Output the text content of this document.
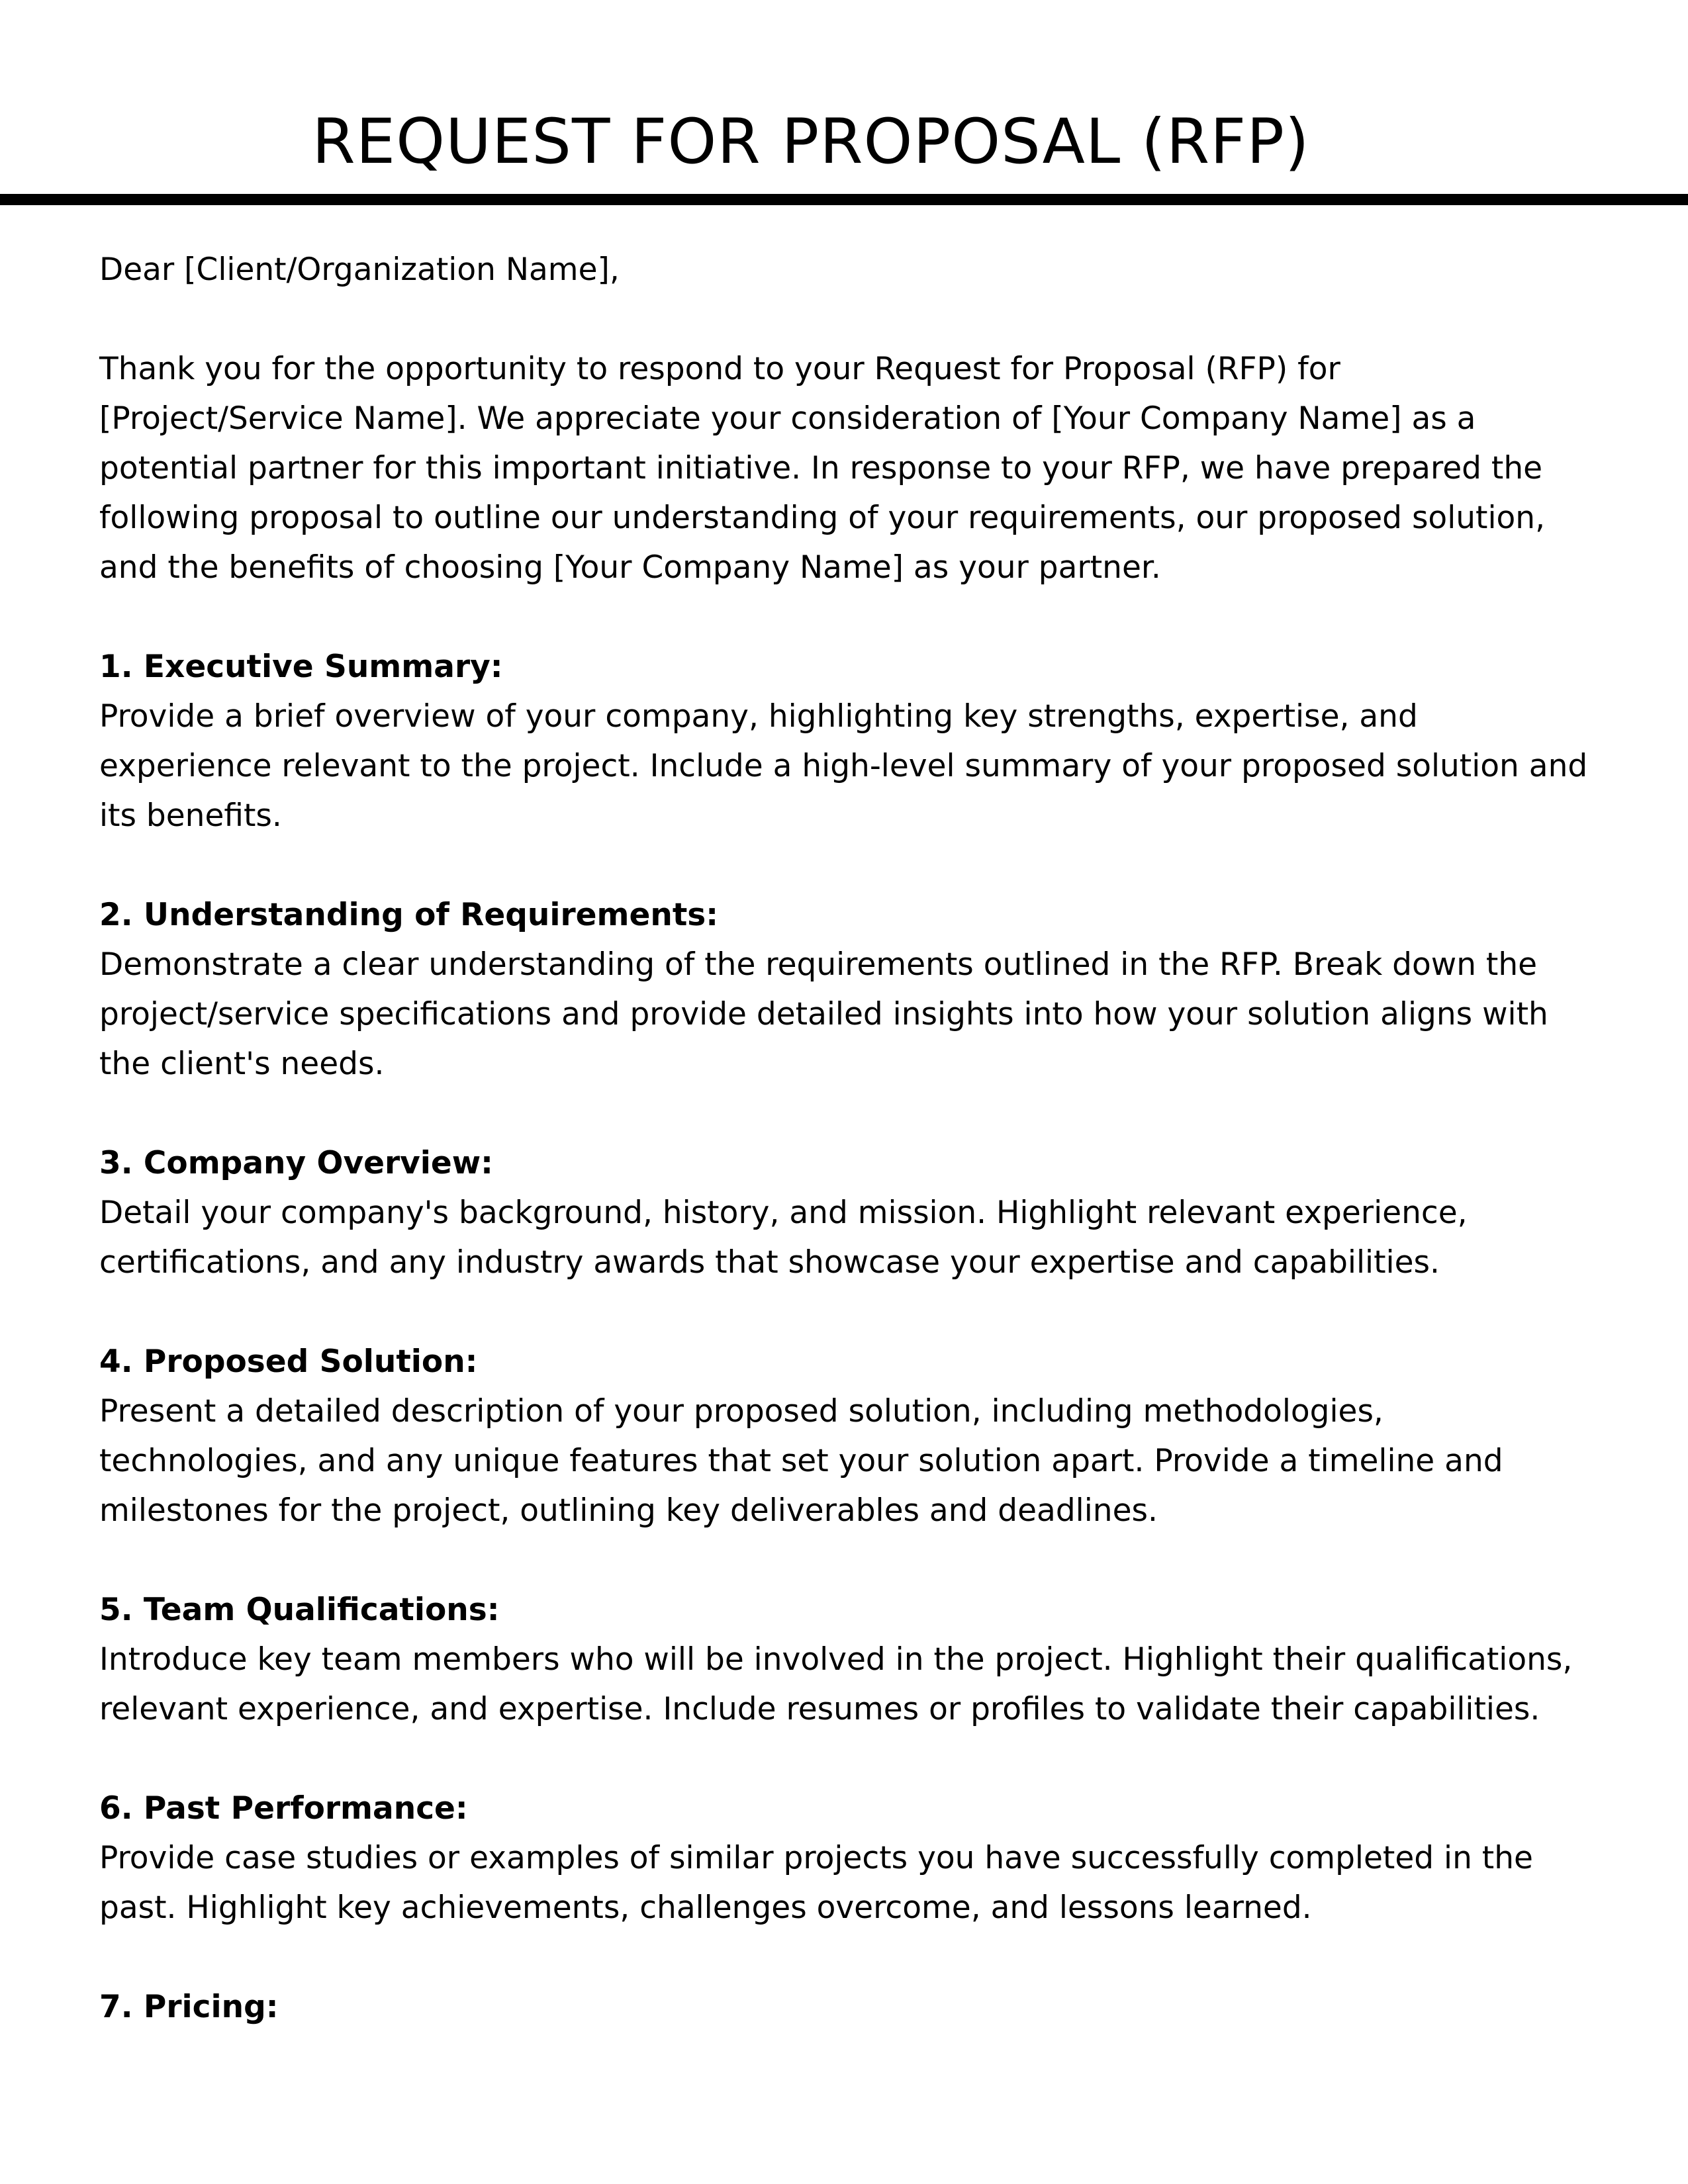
REQUEST FOR PROPOSAL (RFP)

Dear [Client/Organization Name],

Thank you for the opportunity to respond to your Request for Proposal (RFP) for [Project/Service Name]. We appreciate your consideration of [Your Company Name] as a potential partner for this important initiative. In response to your RFP, we have prepared the following proposal to outline our understanding of your requirements, our proposed solution, and the benefits of choosing [Your Company Name] as your partner.

1. Executive Summary:

Provide a brief overview of your company, highlighting key strengths, expertise, and experience relevant to the project. Include a high-level summary of your proposed solution and its benefits.

2. Understanding of Requirements:

Demonstrate a clear understanding of the requirements outlined in the RFP. Break down the project/service specifications and provide detailed insights into how your solution aligns with the client's needs.

3. Company Overview:

Detail your company's background, history, and mission. Highlight relevant experience, certifications, and any industry awards that showcase your expertise and capabilities.

4. Proposed Solution:

Present a detailed description of your proposed solution, including methodologies, technologies, and any unique features that set your solution apart. Provide a timeline and milestones for the project, outlining key deliverables and deadlines.

5. Team Qualifications:

Introduce key team members who will be involved in the project. Highlight their qualifications, relevant experience, and expertise. Include resumes or profiles to validate their capabilities.

6. Past Performance:

Provide case studies or examples of similar projects you have successfully completed in the past. Highlight key achievements, challenges overcome, and lessons learned.

7. Pricing:
